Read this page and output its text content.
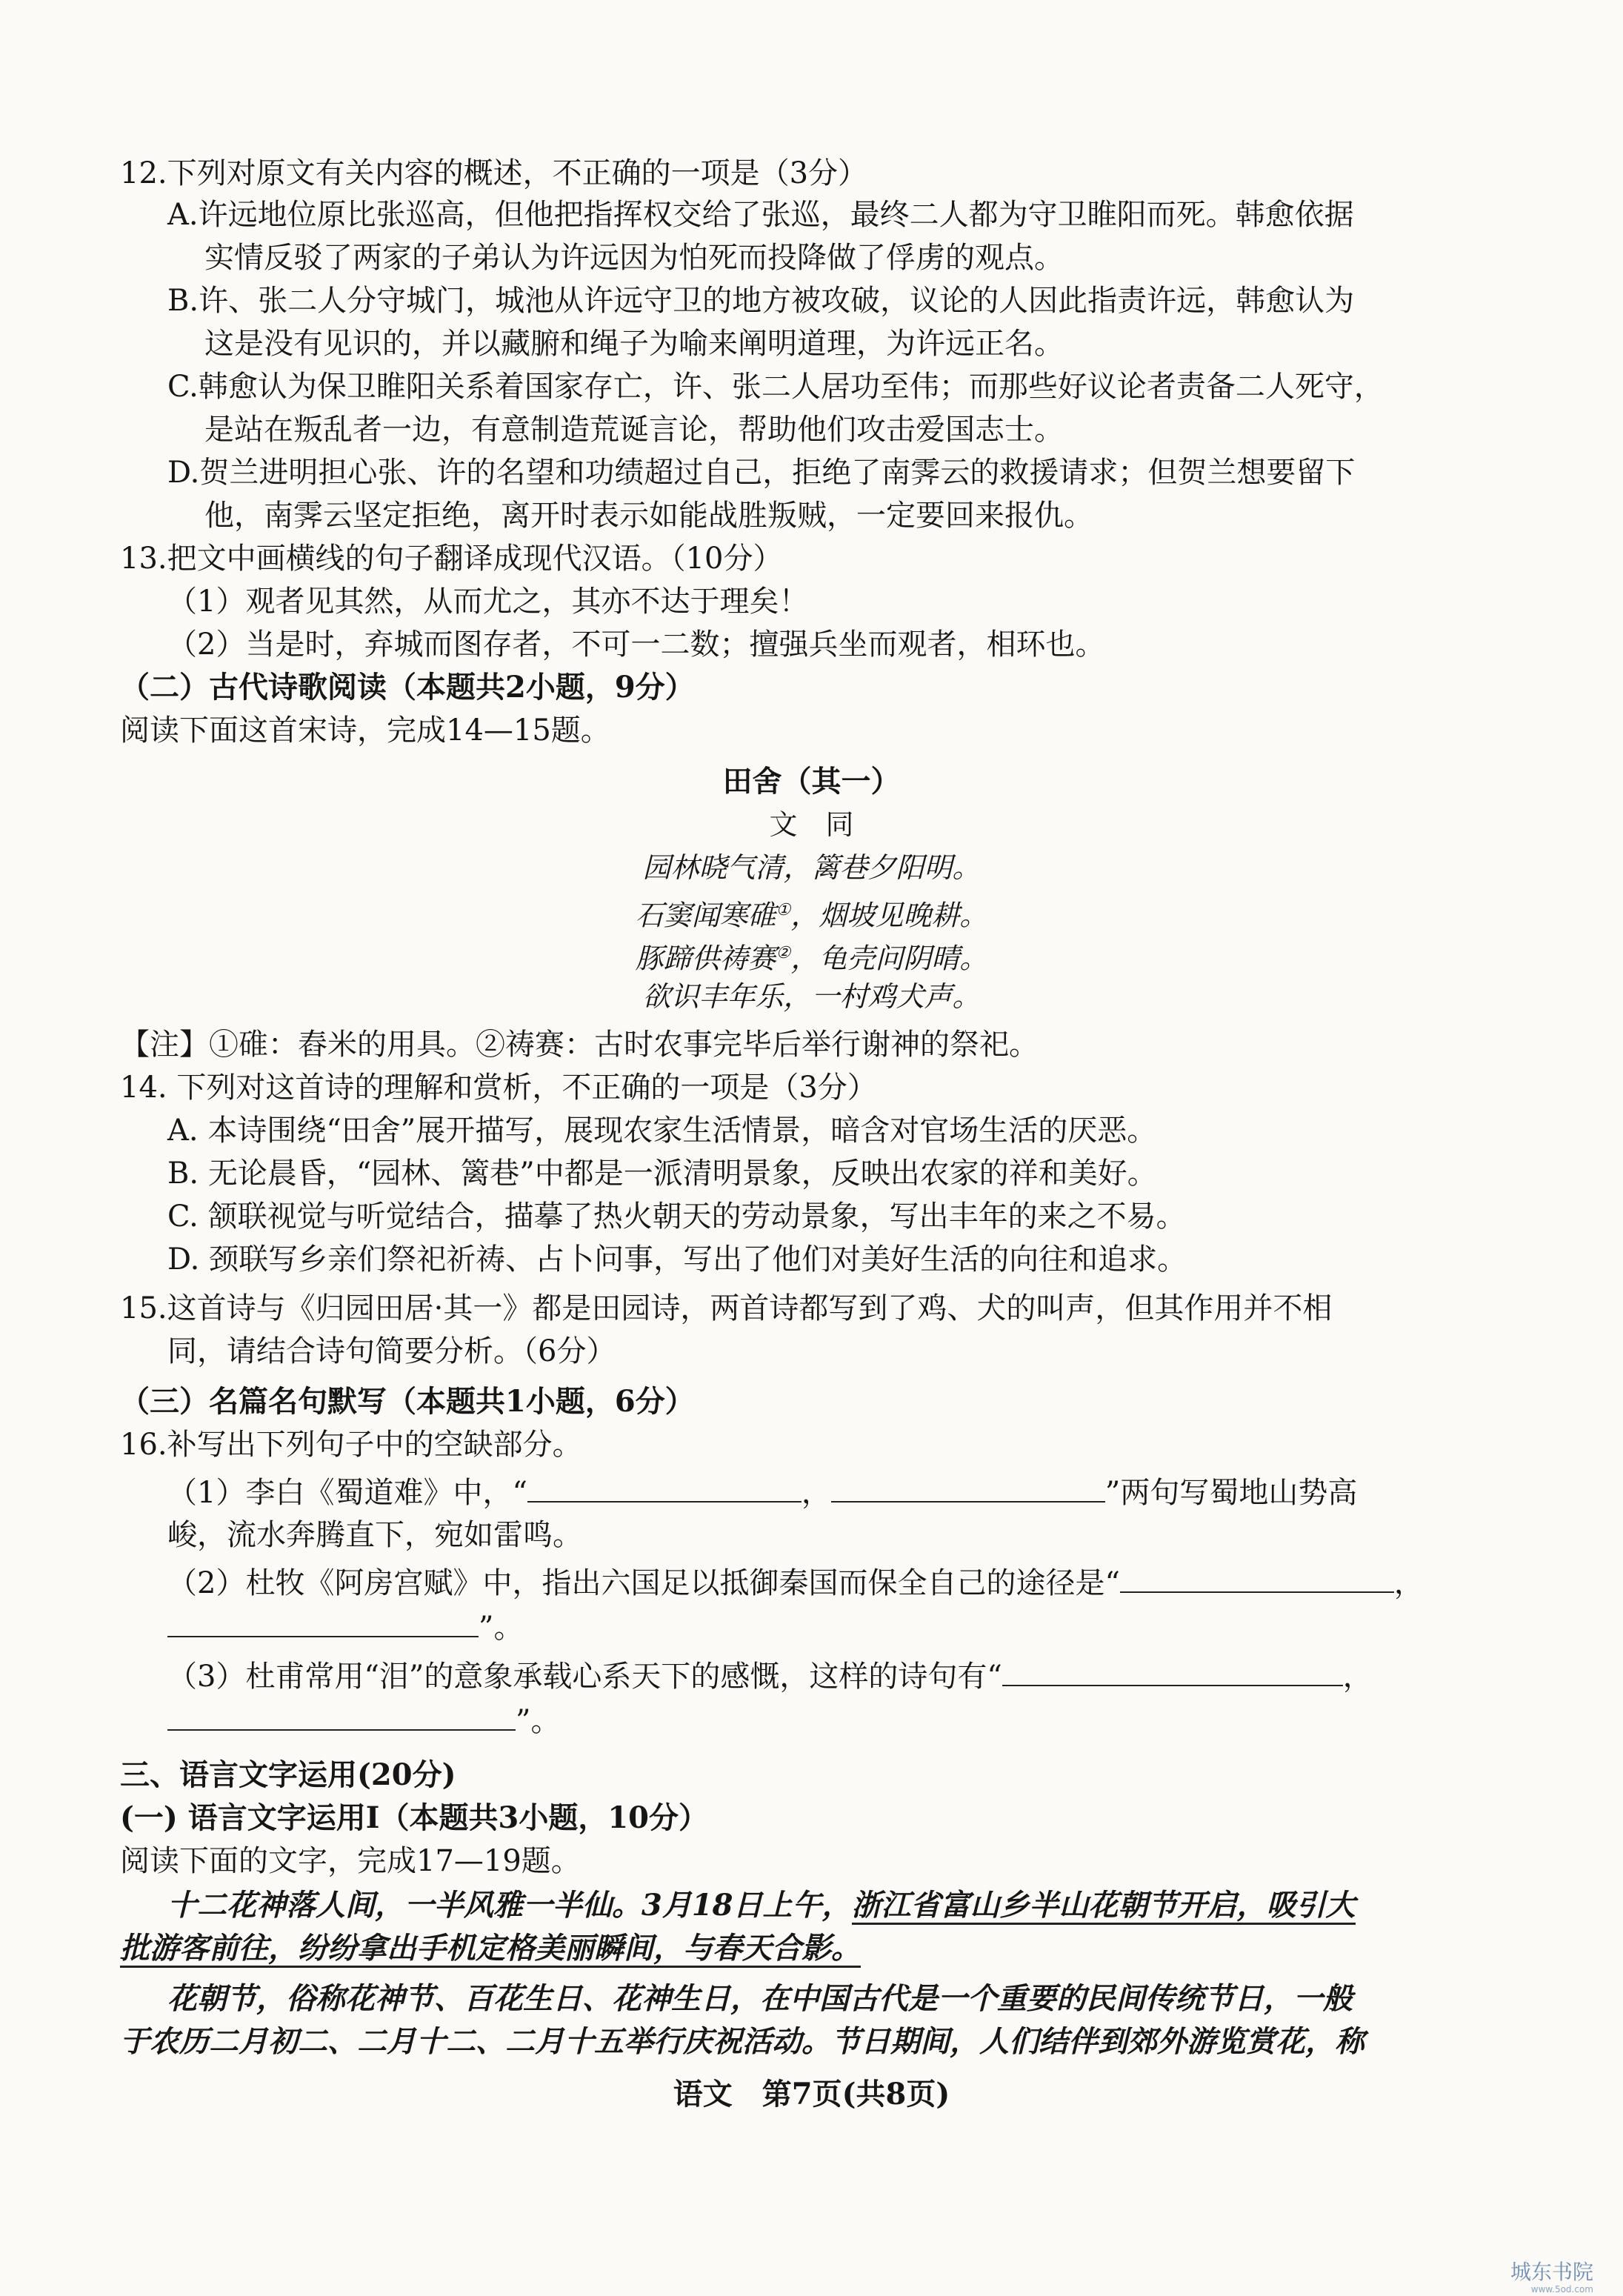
12.下列对原文有关内容的概述，不正确的一项是（3分）
A.许远地位原比张巡高，但他把指挥权交给了张巡，最终二人都为守卫睢阳而死。韩愈依据
实情反驳了两家的子弟认为许远因为怕死而投降做了俘虏的观点。
B.许、张二人分守城门，城池从许远守卫的地方被攻破，议论的人因此指责许远，韩愈认为
这是没有见识的，并以藏腑和绳子为喻来阐明道理，为许远正名。
C.韩愈认为保卫睢阳关系着国家存亡，许、张二人居功至伟；而那些好议论者责备二人死守，
是站在叛乱者一边，有意制造荒诞言论，帮助他们攻击爱国志士。
D.贺兰进明担心张、许的名望和功绩超过自己，拒绝了南霁云的救援请求；但贺兰想要留下
他，南霁云坚定拒绝，离开时表示如能战胜叛贼，一定要回来报仇。
13.把文中画横线的句子翻译成现代汉语。（10分）
（1）观者见其然，从而尤之，其亦不达于理矣！
（2）当是时，弃城而图存者，不可一二数；擅强兵坐而观者，相环也。
（二）古代诗歌阅读（本题共2小题，9分）
阅读下面这首宋诗，完成14—15题。
田舍（其一）
文　同
园林晓气清，篱巷夕阳明。
石窦闻寒碓①，烟坡见晚耕。
豚蹄供祷赛②，龟壳问阴晴。
欲识丰年乐，一村鸡犬声。
【注】①碓：舂米的用具。②祷赛：古时农事完毕后举行谢神的祭祀。
14. 下列对这首诗的理解和赏析，不正确的一项是（3分）
A. 本诗围绕“田舍”展开描写，展现农家生活情景，暗含对官场生活的厌恶。
B. 无论晨昏，“园林、篱巷”中都是一派清明景象，反映出农家的祥和美好。
C. 颔联视觉与听觉结合，描摹了热火朝天的劳动景象，写出丰年的来之不易。
D. 颈联写乡亲们祭祀祈祷、占卜问事，写出了他们对美好生活的向往和追求。
15.这首诗与《归园田居·其一》都是田园诗，两首诗都写到了鸡、犬的叫声，但其作用并不相
同，请结合诗句简要分析。（6分）
（三）名篇名句默写（本题共1小题，6分）
16.补写出下列句子中的空缺部分。
（1）李白《蜀道难》中，“	，	”两句写蜀地山势高
峻，流水奔腾直下，宛如雷鸣。
（2）杜牧《阿房宫赋》中，指出六国足以抵御秦国而保全自己的途径是“	，
”。
（3）杜甫常用“泪”的意象承载心系天下的感慨，这样的诗句有“	，
”。
三、语言文字运用(20分)
(一) 语言文字运用Ⅰ（本题共3小题，10分）
阅读下面的文字，完成17—19题。
十二花神落人间，一半风雅一半仙。3月18日上午，浙江省富山乡半山花朝节开启，吸引大
批游客前往，纷纷拿出手机定格美丽瞬间，与春天合影。
花朝节，俗称花神节、百花生日、花神生日，在中国古代是一个重要的民间传统节日，一般
于农历二月初二、二月十二、二月十五举行庆祝活动。节日期间，人们结伴到郊外游览赏花，称
语文　第7页(共8页)
城东书院
www.5od.com
